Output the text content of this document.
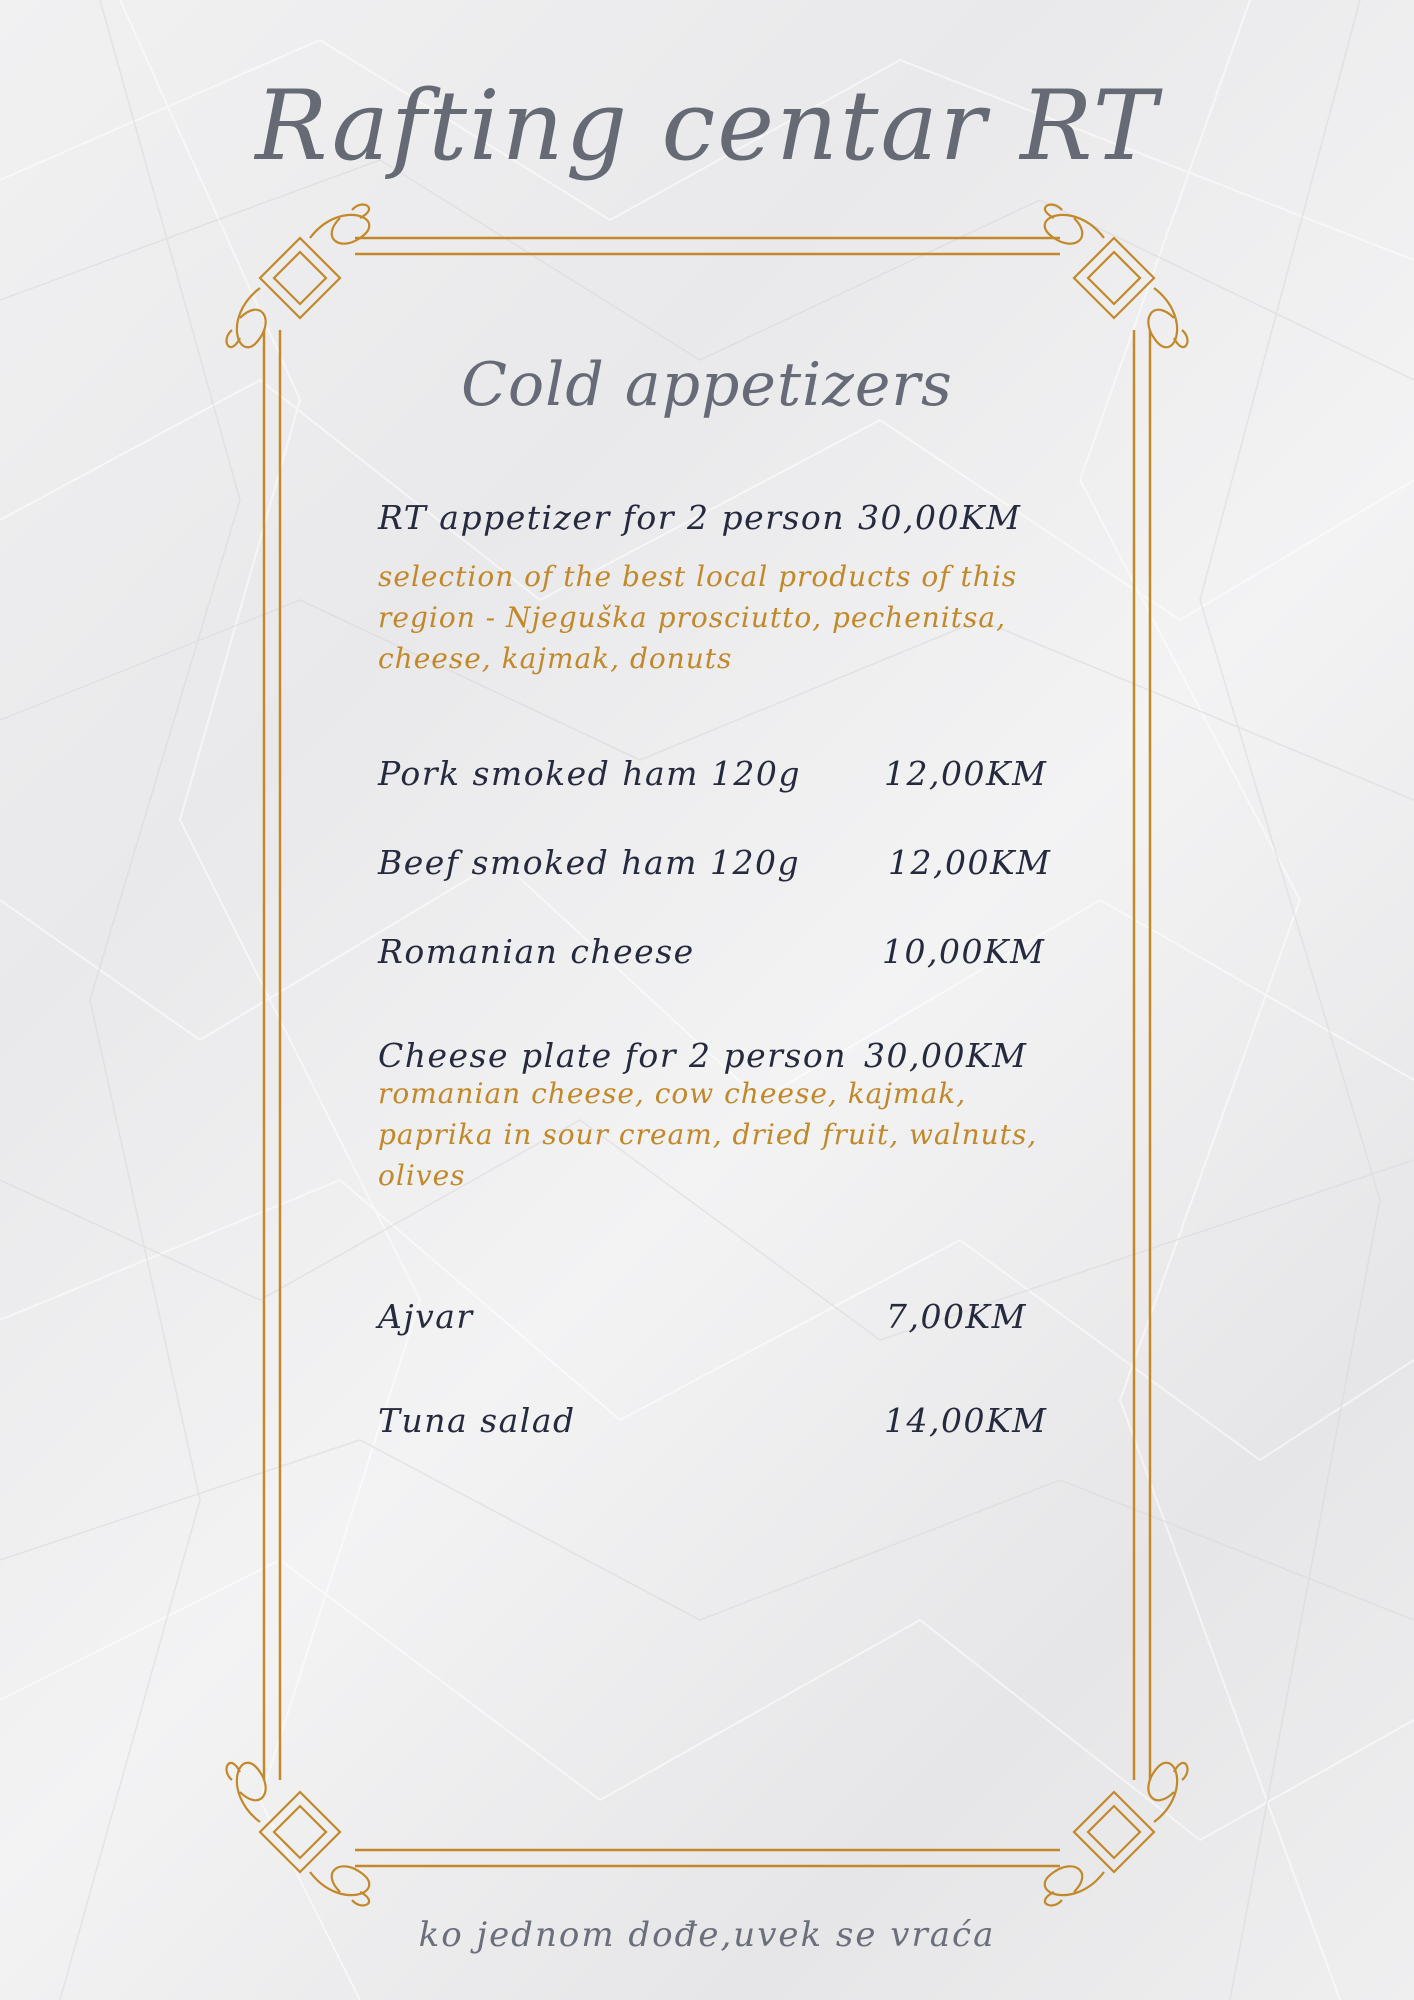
Rafting centar RT
Cold appetizers
RT appetizer for 2 person 30,00KM
selection of the best local products of this region - Njeguška prosciutto, pechenitsa, cheese, kajmak, donuts
Pork smoked ham 120g	12,00KM
Beef smoked ham 120g	12,00KM
Romanian cheese	10,00KM
Cheese plate for 2 person 30,00KM
romanian cheese, cow cheese, kajmak, paprika in sour cream, dried fruit, walnuts, olives
Ajvar	7,00KM
Tuna salad	14,00KM
ko jednom dođe,uvek se vraća
